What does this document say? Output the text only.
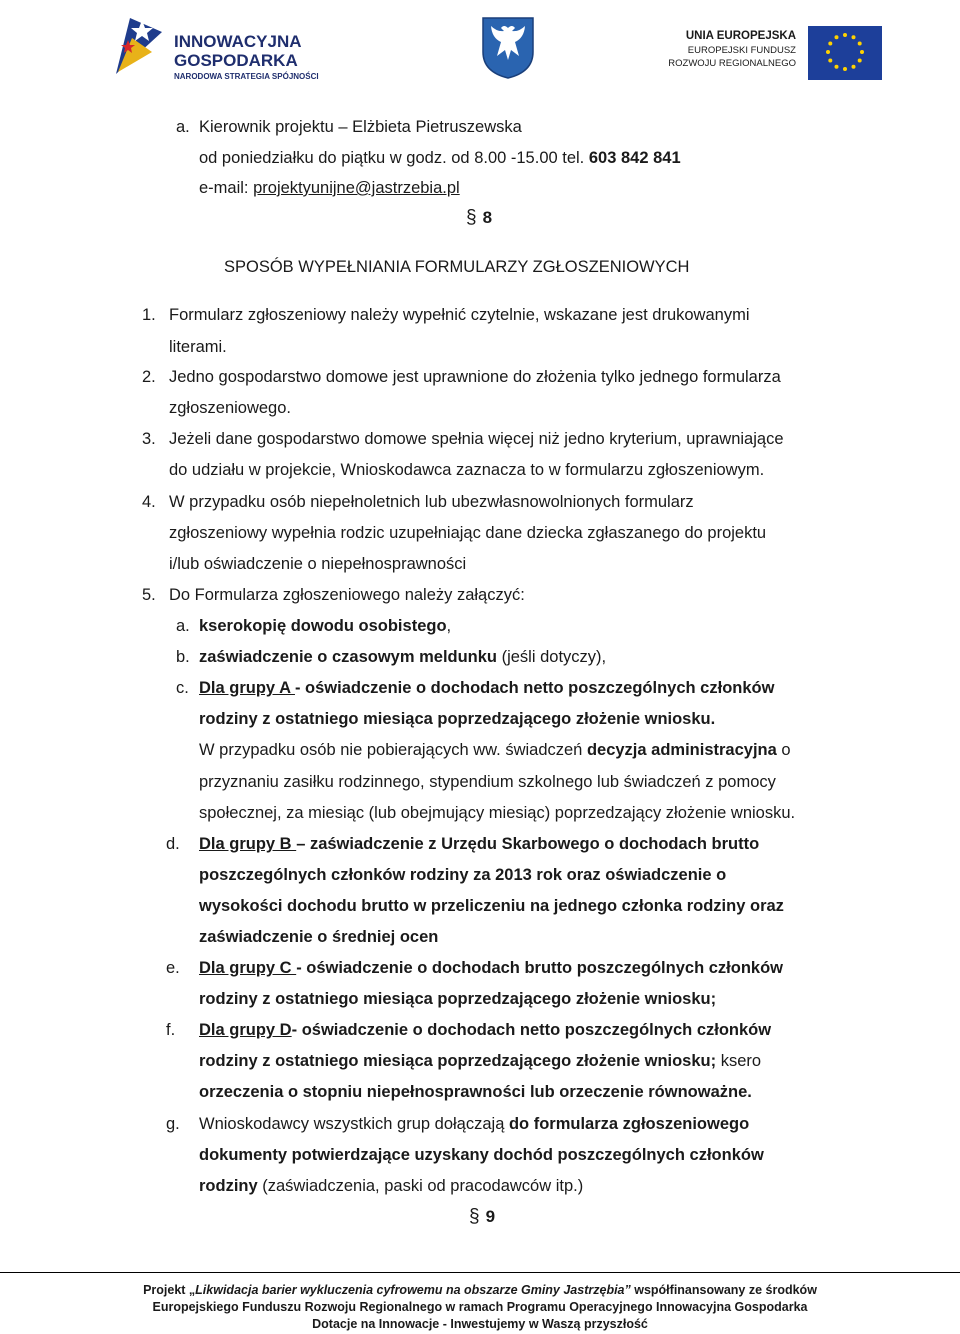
INNOWACYJNA
GOSPODARKA
NARODOWA STRATEGIA SPÓJNOŚCI
UNIA EUROPEJSKA
EUROPEJSKI FUNDUSZ
ROZWOJU REGIONALNEGO
a. Kierownik projektu – Elżbieta Pietruszewska
od poniedziałku do piątku w godz. od 8.00 -15.00 tel. 603 842 841
e-mail: projektyunijne@jastrzebia.pl
§ 8
SPOSÓB WYPEŁNIANIA FORMULARZY ZGŁOSZENIOWYCH
1. Formularz zgłoszeniowy należy wypełnić czytelnie, wskazane jest drukowanymi
literami.
2. Jedno gospodarstwo domowe jest uprawnione do złożenia tylko jednego formularza
zgłoszeniowego.
3. Jeżeli dane gospodarstwo domowe spełnia więcej niż jedno kryterium, uprawniające
do udziału w projekcie, Wnioskodawca zaznacza to w formularzu zgłoszeniowym.
4. W przypadku osób niepełnoletnich lub ubezwłasnowolnionych formularz
zgłoszeniowy wypełnia rodzic uzupełniając dane dziecka zgłaszanego do projektu
i/lub oświadczenie o niepełnosprawności
5. Do Formularza zgłoszeniowego należy załączyć:
a. kserokopię dowodu osobistego,
b. zaświadczenie o czasowym meldunku (jeśli dotyczy),
c. Dla grupy A - oświadczenie o dochodach netto poszczególnych członków
rodziny z ostatniego miesiąca poprzedzającego złożenie wniosku.
W przypadku osób nie pobierających ww. świadczeń decyzja administracyjna o
przyznaniu zasiłku rodzinnego, stypendium szkolnego lub świadczeń z pomocy
społecznej, za miesiąc (lub obejmujący miesiąc) poprzedzający złożenie wniosku.
d. Dla grupy B – zaświadczenie z Urzędu Skarbowego o dochodach brutto
poszczególnych członków rodziny za 2013 rok oraz oświadczenie o
wysokości dochodu brutto w przeliczeniu na jednego członka rodziny oraz
zaświadczenie o średniej ocen
e. Dla grupy C - oświadczenie o dochodach brutto poszczególnych członków
rodziny z ostatniego miesiąca poprzedzającego złożenie wniosku;
f. Dla grupy D- oświadczenie o dochodach netto poszczególnych członków
rodziny z ostatniego miesiąca poprzedzającego złożenie wniosku; ksero
orzeczenia o stopniu niepełnosprawności lub orzeczenie równoważne.
g. Wnioskodawcy wszystkich grup dołączają do formularza zgłoszeniowego
dokumenty potwierdzające uzyskany dochód poszczególnych członków
rodziny (zaświadczenia, paski od pracodawców itp.)
§ 9
Projekt „Likwidacja barier wykluczenia cyfrowemu na obszarze Gminy Jastrzębia” współfinansowany ze środków
Europejskiego Funduszu Rozwoju Regionalnego w ramach Programu Operacyjnego Innowacyjna Gospodarka
Dotacje na Innowacje - Inwestujemy w Waszą przyszłość
